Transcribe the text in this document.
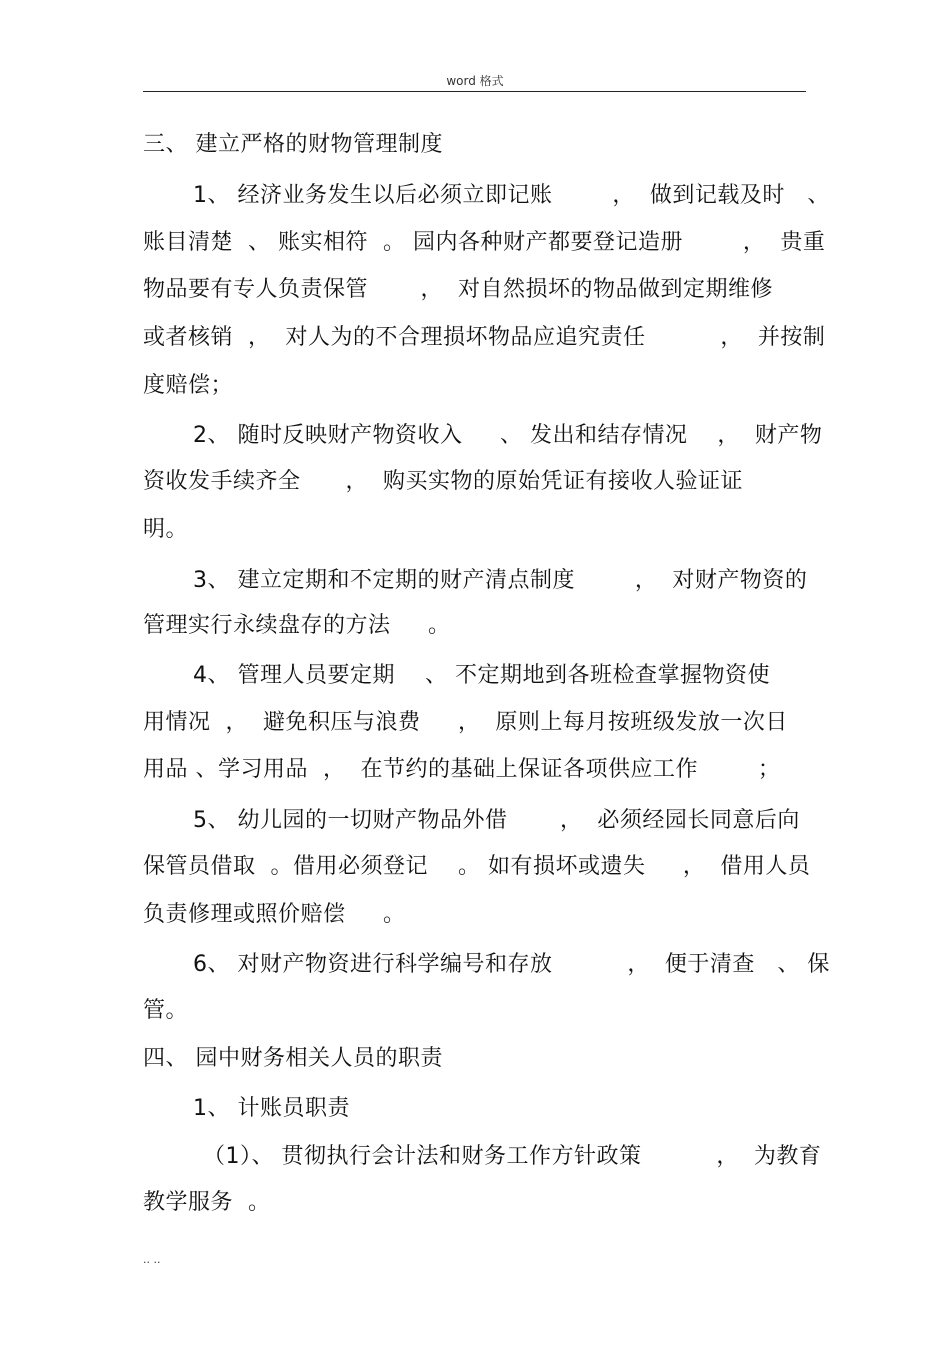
word 格式
三、 建立严格的财物管理制度
1、 经济业务发生以后必须立即记账        ，  做到记载及时   、
账目清楚  、 账实相符  。 园内各种财产都要登记造册        ，  贵重
物品要有专人负责保管       ，  对自然损坏的物品做到定期维修
或者核销  ，  对人为的不合理损坏物品应追究责任          ，  并按制
度赔偿；
2、 随时反映财产物资收入     、 发出和结存情况    ，  财产物
资收发手续齐全      ，  购买实物的原始凭证有接收人验证证
明。
3、 建立定期和不定期的财产清点制度        ，  对财产物资的
管理实行永续盘存的方法     。
4、 管理人员要定期    、 不定期地到各班检查掌握物资使
用情况  ，  避免积压与浪费     ，  原则上每月按班级发放一次日
用品 、学习用品  ，  在节约的基础上保证各项供应工作        ；
5、 幼儿园的一切财产物品外借       ，  必须经园长同意后向
保管员借取  。借用必须登记    。 如有损坏或遗失     ，  借用人员
负责修理或照价赔偿     。
6、 对财产物资进行科学编号和存放          ，  便于清查   、 保
管。
四、 园中财务相关人员的职责
1、 计账员职责
（1）、 贯彻执行会计法和财务工作方针政策          ，  为教育
教学服务  。
.. ..
